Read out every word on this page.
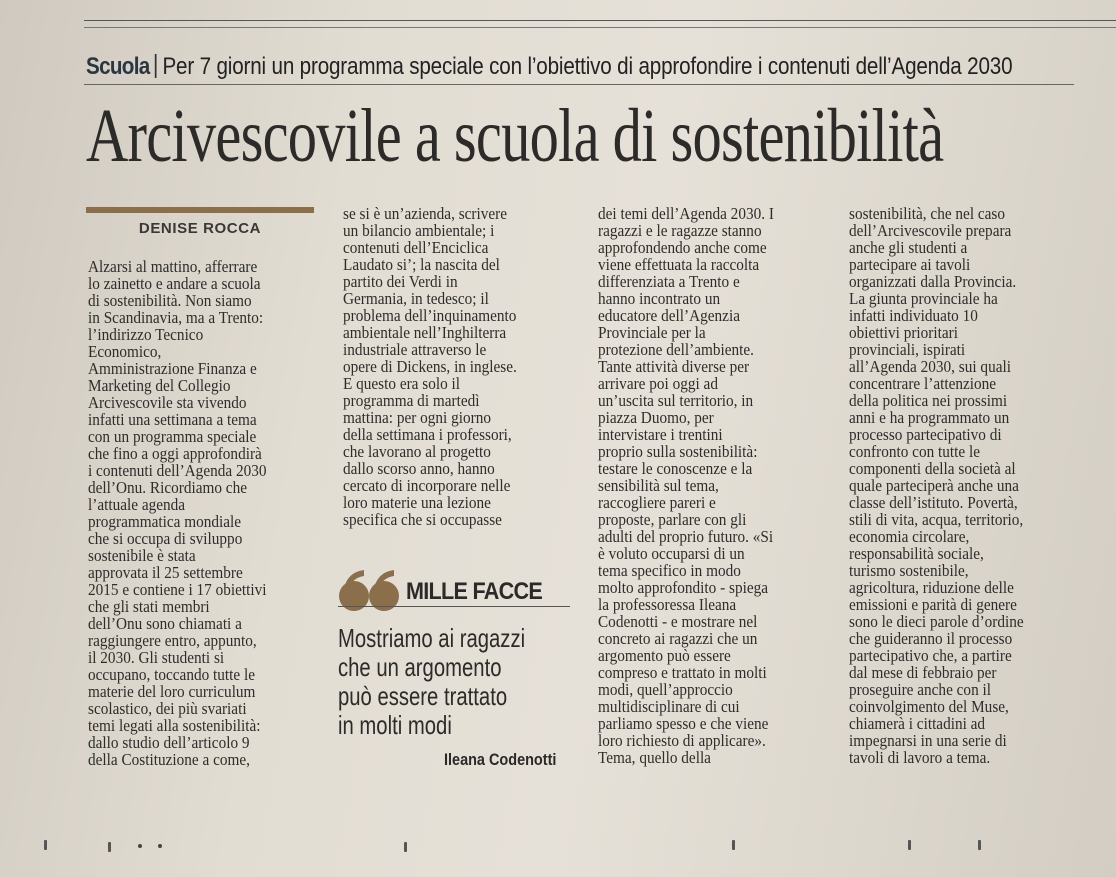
Scuola Per 7 giorni un programma speciale con l’obiettivo di approfondire i contenuti dell’Agenda 2030
Arcivescovile a scuola di sostenibilità
DENISE ROCCA
Alzarsi al mattino, afferrare
lo zainetto e andare a scuola
di sostenibilità. Non siamo
in Scandinavia, ma a Trento:
l’indirizzo Tecnico
Economico,
Amministrazione Finanza e
Marketing del Collegio
Arcivescovile sta vivendo
infatti una settimana a tema
con un programma speciale
che fino a oggi approfondirà
i contenuti dell’Agenda 2030
dell’Onu. Ricordiamo che
l’attuale agenda
programmatica mondiale
che si occupa di sviluppo
sostenibile è stata
approvata il 25 settembre
2015 e contiene i 17 obiettivi
che gli stati membri
dell’Onu sono chiamati a
raggiungere entro, appunto,
il 2030. Gli studenti si
occupano, toccando tutte le
materie del loro curriculum
scolastico, dei più svariati
temi legati alla sostenibilità:
dallo studio dell’articolo 9
della Costituzione a come,
se si è un’azienda, scrivere
un bilancio ambientale; i
contenuti dell’Enciclica
Laudato si’; la nascita del
partito dei Verdi in
Germania, in tedesco; il
problema dell’inquinamento
ambientale nell’Inghilterra
industriale attraverso le
opere di Dickens, in inglese.
E questo era solo il
programma di martedì
mattina: per ogni giorno
della settimana i professori,
che lavorano al progetto
dallo scorso anno, hanno
cercato di incorporare nelle
loro materie una lezione
specifica che si occupasse
dei temi dell’Agenda 2030. I
ragazzi e le ragazze stanno
approfondendo anche come
viene effettuata la raccolta
differenziata a Trento e
hanno incontrato un
educatore dell’Agenzia
Provinciale per la
protezione dell’ambiente.
Tante attività diverse per
arrivare poi oggi ad
un’uscita sul territorio, in
piazza Duomo, per
intervistare i trentini
proprio sulla sostenibilità:
testare le conoscenze e la
sensibilità sul tema,
raccogliere pareri e
proposte, parlare con gli
adulti del proprio futuro. «Si
è voluto occuparsi di un
tema specifico in modo
molto approfondito - spiega
la professoressa Ileana
Codenotti - e mostrare nel
concreto ai ragazzi che un
argomento può essere
compreso e trattato in molti
modi, quell’approccio
multidisciplinare di cui
parliamo spesso e che viene
loro richiesto di applicare».
Tema, quello della
sostenibilità, che nel caso
dell’Arcivescovile prepara
anche gli studenti a
partecipare ai tavoli
organizzati dalla Provincia.
La giunta provinciale ha
infatti individuato 10
obiettivi prioritari
provinciali, ispirati
all’Agenda 2030, sui quali
concentrare l’attenzione
della politica nei prossimi
anni e ha programmato un
processo partecipativo di
confronto con tutte le
componenti della società al
quale parteciperà anche una
classe dell’istituto. Povertà,
stili di vita, acqua, territorio,
economia circolare,
responsabilità sociale,
turismo sostenibile,
agricoltura, riduzione delle
emissioni e parità di genere
sono le dieci parole d’ordine
che guideranno il processo
partecipativo che, a partire
dal mese di febbraio per
proseguire anche con il
coinvolgimento del Muse,
chiamerà i cittadini ad
impegnarsi in una serie di
tavoli di lavoro a tema.
MILLE FACCE
Mostriamo ai ragazzi
che un argomento
può essere trattato
in molti modi
Ileana Codenotti
